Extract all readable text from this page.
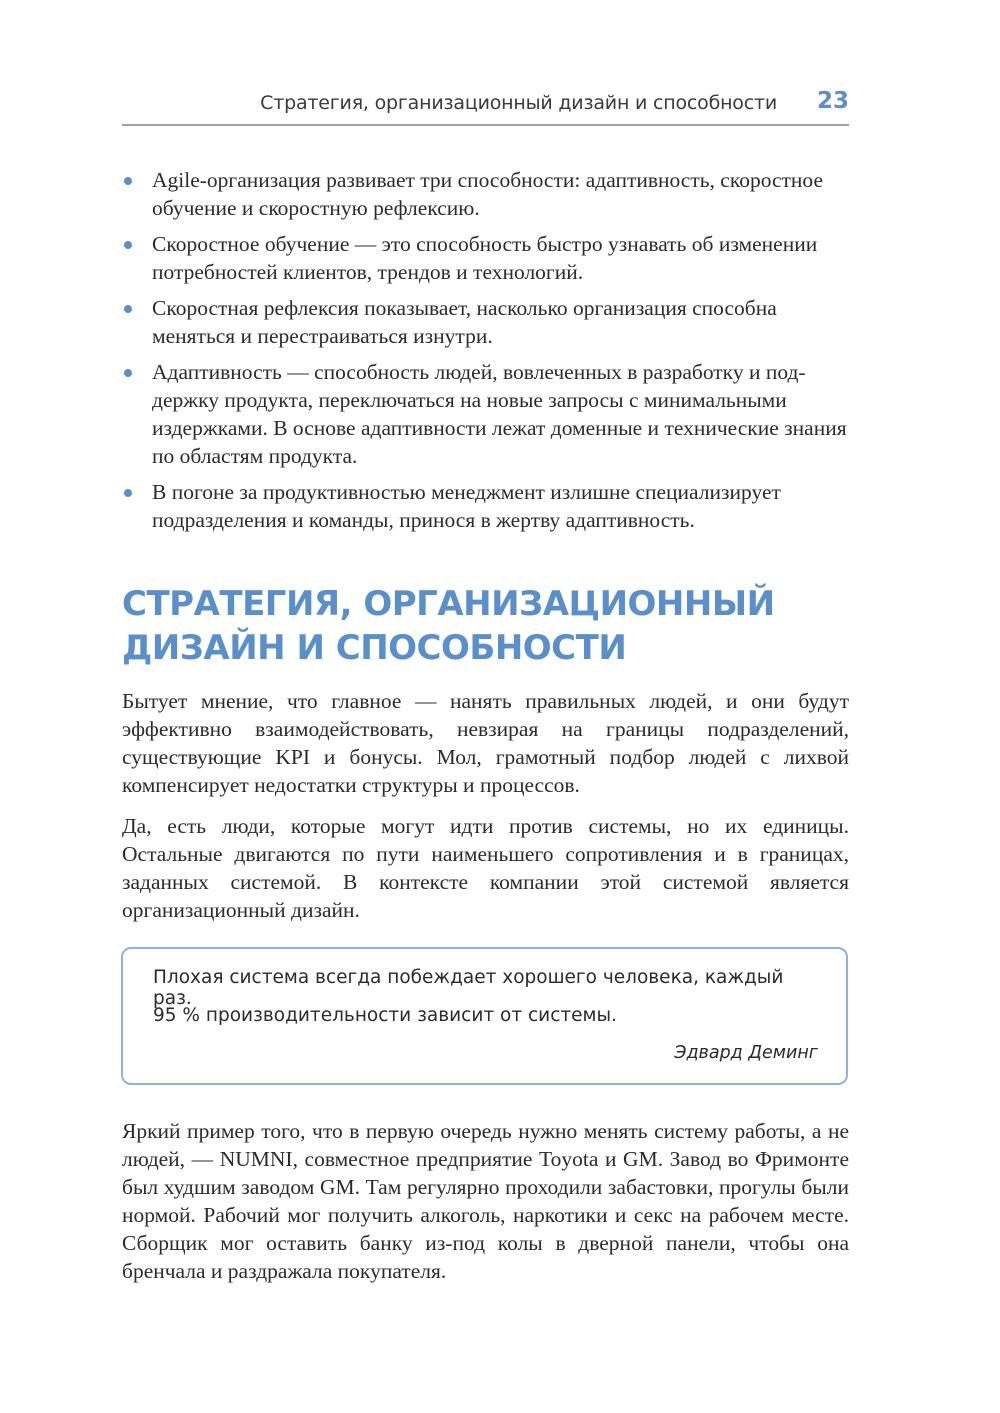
Стратегия, организационный дизайн и способности 23
Agile-организация развивает три способности: адаптивность, скоростное обучение и скоростную рефлексию.
Скоростное обучение — это способность быстро узнавать об изменении потребностей клиентов, трендов и технологий.
Скоростная рефлексия показывает, насколько организация способна меняться и перестраиваться изнутри.
Адаптивность — способность людей, вовлеченных в разработку и поддержку продукта, переключаться на новые запросы с минимальными издержками. В основе адаптивности лежат доменные и технические знания по областям продукта.
В погоне за продуктивностью менеджмент излишне специализирует подразделения и команды, принося в жертву адаптивность.
СТРАТЕГИЯ, ОРГАНИЗАЦИОННЫЙ
ДИЗАЙН И СПОСОБНОСТИ

Бытует мнение, что главное — нанять правильных людей, и они будут эффективно взаимодействовать, невзирая на границы подразделений, существующие KPI и бонусы. Мол, грамотный подбор людей с лихвой компенсирует недостатки структуры и процессов.

Да, есть люди, которые могут идти против системы, но их единицы. Остальные двигаются по пути наименьшего сопротивления и в границах, заданных системой. В контексте компании этой системой является организационный дизайн.

Плохая система всегда побеждает хорошего человека, каждый раз.
95 % производительности зависит от системы.
Эдвард Деминг

Яркий пример того, что в первую очередь нужно менять систему работы, а не людей, — NUMNI, совместное предприятие Toyota и GM. Завод во Фримонте был худшим заводом GM. Там регулярно проходили забастовки, прогулы были нормой. Рабочий мог получить алкоголь, наркотики и секс на рабочем месте. Сборщик мог оставить банку из-под колы в дверной панели, чтобы она бренчала и раздражала покупателя.
